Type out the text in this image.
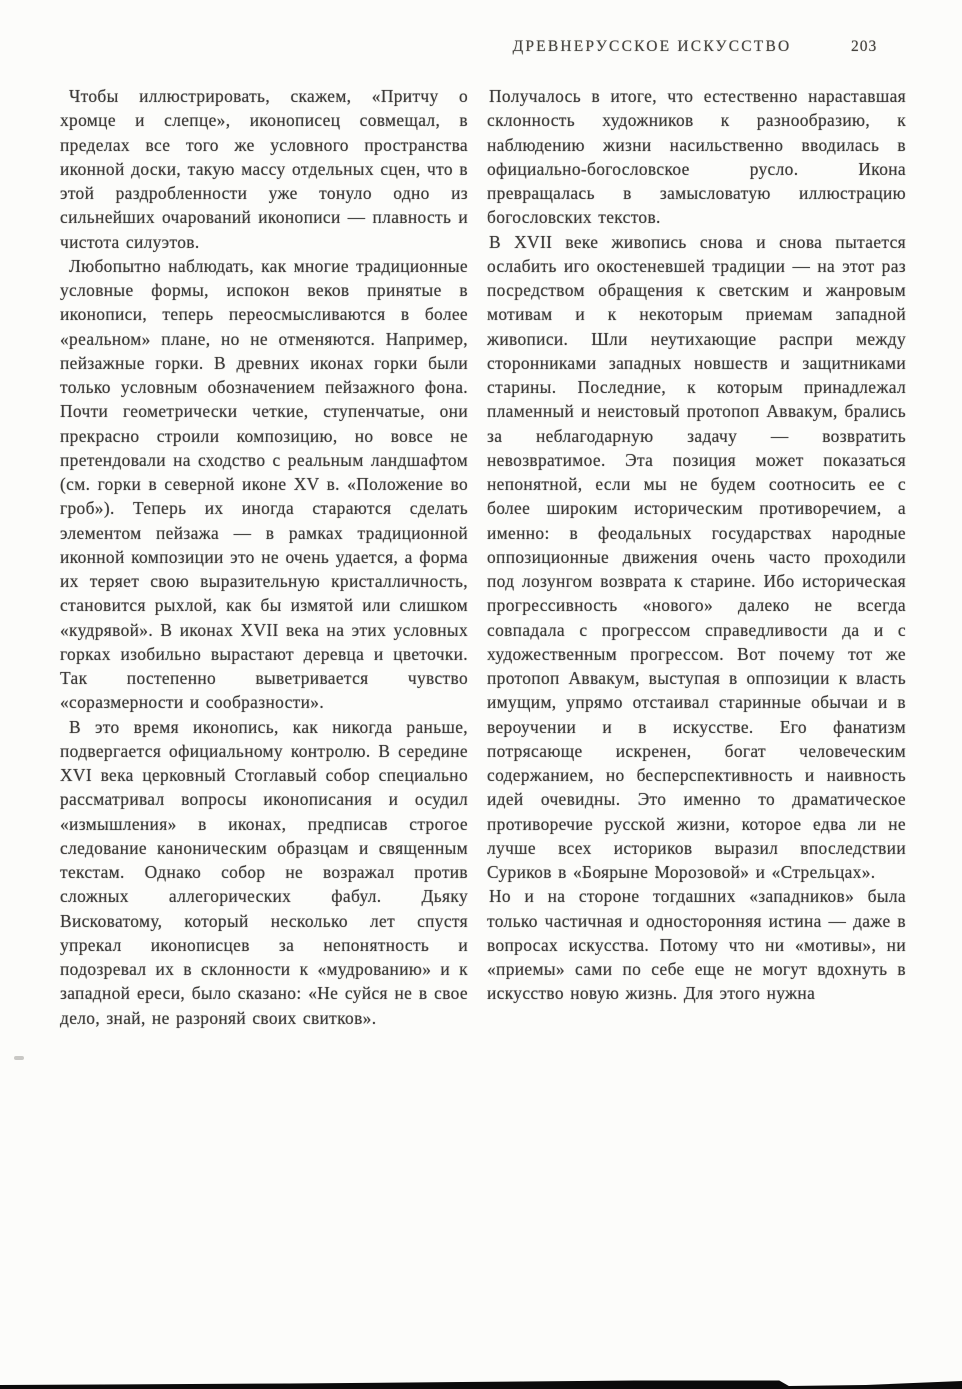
ДРЕВНЕРУССКОЕ ИСКУССТВО	203

Чтобы иллюстрировать, скажем, «Притчу о хромце и слепце», иконописец совмещал, в пределах все того же условного пространства иконной доски, такую массу отдельных сцен, что в этой раздробленности уже тонуло одно из сильнейших очарований иконописи — плавность и чистота силуэтов.

Любопытно наблюдать, как многие традиционные условные формы, испокон веков принятые в иконописи, теперь переосмысливаются в более «реальном» плане, но не отменяются. Например, пейзажные горки. В древних иконах горки были только условным обозначением пейзажного фона. Почти геометрически четкие, ступенчатые, они прекрасно строили композицию, но вовсе не претендовали на сходство с реальным ландшафтом (см. горки в северной иконе XV в. «Положение во гроб»). Теперь их иногда стараются сделать элементом пейзажа — в рамках традиционной иконной композиции это не очень удается, а форма их теряет свою выразительную кристалличность, становится рыхлой, как бы измятой или слишком «кудрявой». В иконах XVII века на этих условных горках изобильно вырастают деревца и цветочки. Так постепенно выветривается чувство «соразмерности и сообразности».

В это время иконопись, как никогда раньше, подвергается официальному контролю. В середине XVI века церковный Стоглавый собор специально рассматривал вопросы иконописания и осудил «измышления» в иконах, предписав строгое следование каноническим образцам и священным текстам. Однако собор не возражал против сложных аллегорических фабул. Дьяку Висковатому, который несколько лет спустя упрекал иконописцев за непонятность и подозревал их в склонности к «мудрованию» и к западной ереси, было сказано: «Не суйся не в свое дело, знай, не разроняй своих свитков».

Получалось в итоге, что естественно нараставшая склонность художников к разнообразию, к наблюдению жизни насильственно вводилась в официально-богословское русло. Икона превращалась в замысловатую иллюстрацию богословских текстов.

В XVII веке живопись снова и снова пытается ослабить иго окостеневшей традиции — на этот раз посредством обращения к светским и жанровым мотивам и к некоторым приемам западной живописи. Шли неутихающие распри между сторонниками западных новшеств и защитниками старины. Последние, к которым принадлежал пламенный и неистовый протопоп Аввакум, брались за неблагодарную задачу — возвратить невозвратимое. Эта позиция может показаться непонятной, если мы не будем соотносить ее с более широким историческим противоречием, а именно: в феодальных государствах народные оппозиционные движения очень часто проходили под лозунгом возврата к старине. Ибо историческая прогрессивность «нового» далеко не всегда совпадала с прогрессом справедливости да и с художественным прогрессом. Вот почему тот же протопоп Аввакум, выступая в оппозиции к власть имущим, упрямо отстаивал старинные обычаи и в вероучении и в искусстве. Его фанатизм потрясающе искренен, богат человеческим содержанием, но бесперспективность и наивность идей очевидны. Это именно то драматическое противоречие русской жизни, которое едва ли не лучше всех историков выразил впоследствии Суриков в «Боярыне Морозовой» и «Стрельцах».

Но и на стороне тогдашних «западников» была только частичная и односторонняя истина — даже в вопросах искусства. Потому что ни «мотивы», ни «приемы» сами по себе еще не могут вдохнуть в искусство новую жизнь. Для этого нужна
